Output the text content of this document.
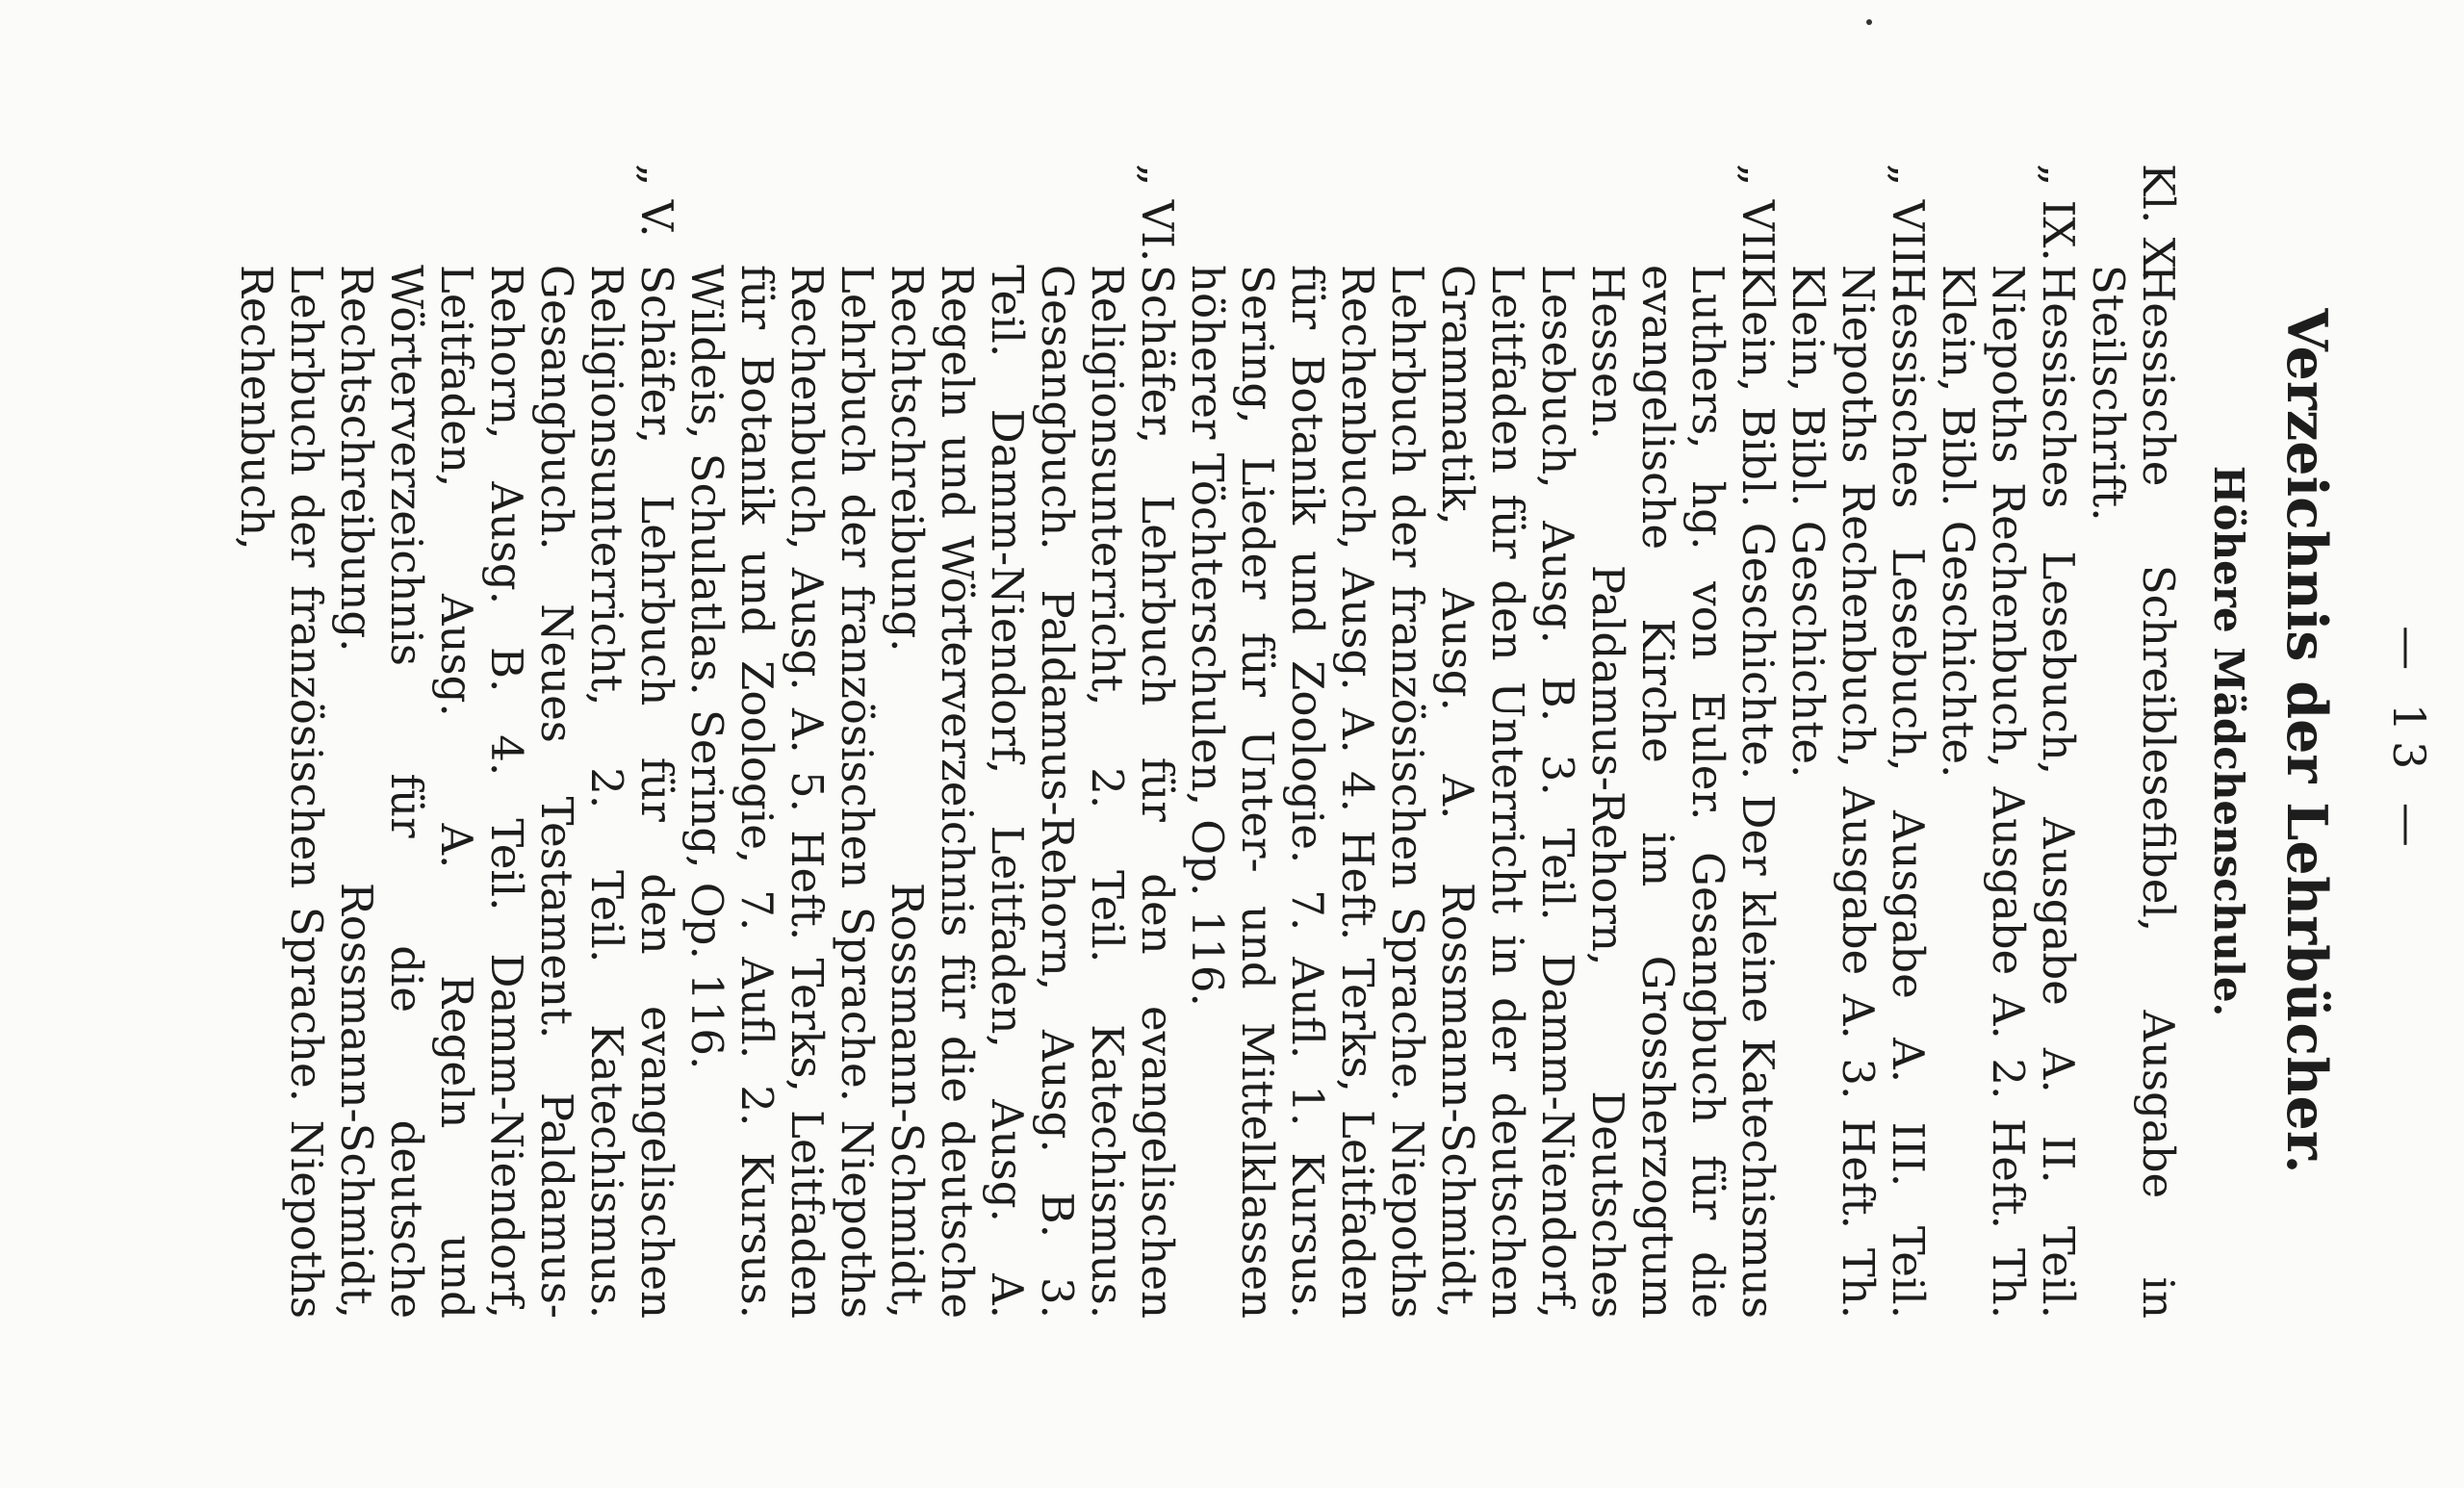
— 13 —
Verzeichnis der Lehrbücher.
Höhere Mädchenschule.
Kl. X.
Hessische Schreiblesefibel, Ausgabe in Steilschrift.
„ IX.
Hessisches Lesebuch, Ausgabe A. II. Teil. Niepoths Rechenbuch, Ausgabe A. 2. Heft. Th. Klein, Bibl. Geschichte.
„ VIII.
Hessisches Lesebuch, Ausgabe A. III. Teil. Niepoths Rechenbuch, Ausgabe A. 3. Heft. Th. Klein, Bibl. Geschichte.
„ VII.
Klein, Bibl. Geschichte. Der kleine Katechismus Luthers, hg. von Euler. Gesangbuch für die evangelische Kirche im Grossherzogtum Hessen. Paldamus-Rehorn, Deutsches Lesebuch, Ausg. B. 3. Teil. Damm-Niendorf, Leitfaden für den Unterricht in der deutschen Grammatik, Ausg. A. Rossmann-Schmidt, Lehrbuch der französischen Sprache. Niepoths Rechenbuch, Ausg. A. 4. Heft. Terks, Leitfaden für Botanik und Zoologie. 7. Aufl. 1. Kursus. Sering, Lieder für Unter- und Mittelklassen höherer Töchterschulen, Op. 116.
„ VI.
Schäfer, Lehrbuch für den evangelischen Religionsunterricht, 2. Teil. Katechismus. Gesangbuch. Paldamus-Rehorn, Ausg. B. 3. Teil. Damm-Niendorf, Leitfaden, Ausg. A. Regeln und Wörterverzeichnis für die deutsche Rechtschreibung. Rossmann-Schmidt, Lehrbuch der französischen Sprache. Niepoths Rechenbuch, Ausg. A. 5. Heft. Terks, Leitfaden für Botanik und Zoologie, 7. Aufl. 2. Kursus. Wildeis, Schulatlas. Sering, Op. 116.
„ V.
Schäfer, Lehrbuch für den evangelischen Religionsunterricht, 2. Teil. Katechismus. Gesangbuch. Neues Testament. Paldamus-Rehorn, Ausg. B. 4. Teil. Damm-Niendorf, Leitfaden, Ausg. A. Regeln und Wörterverzeichnis für die deutsche Rechtschreibung. Rossmann-Schmidt, Lehrbuch der französischen Sprache. Niepoths Rechenbuch,
